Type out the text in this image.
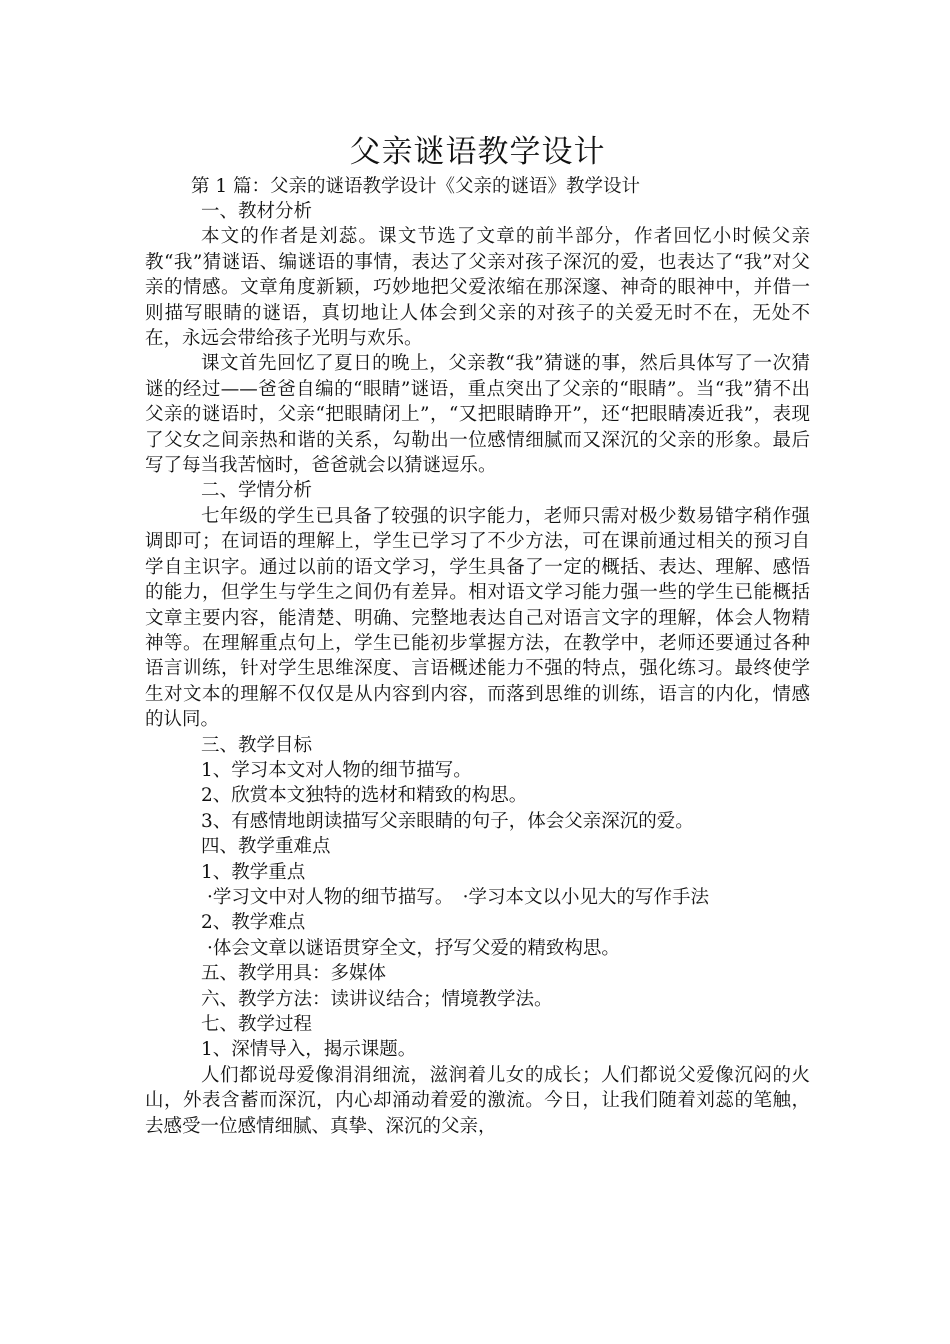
父亲谜语教学设计

第 1 篇：父亲的谜语教学设计《父亲的谜语》教学设计

一、教材分析

本文的作者是刘蕊。课文节选了文章的前半部分，作者回忆小时候父亲教“我”猜谜语、编谜语的事情，表达了父亲对孩子深沉的爱，也表达了“我”对父亲的情感。文章角度新颖，巧妙地把父爱浓缩在那深邃、神奇的眼神中，并借一则描写眼睛的谜语，真切地让人体会到父亲的对孩子的关爱无时不在，无处不在，永远会带给孩子光明与欢乐。

课文首先回忆了夏日的晚上，父亲教“我”猜谜的事，然后具体写了一次猜谜的经过——爸爸自编的“眼睛”谜语，重点突出了父亲的“眼睛”。当“我”猜不出父亲的谜语时，父亲“把眼睛闭上”，“又把眼睛睁开”，还“把眼睛凑近我”，表现了父女之间亲热和谐的关系，勾勒出一位感情细腻而又深沉的父亲的形象。最后写了每当我苦恼时，爸爸就会以猜谜逗乐。

二、学情分析

七年级的学生已具备了较强的识字能力，老师只需对极少数易错字稍作强调即可；在词语的理解上，学生已学习了不少方法，可在课前通过相关的预习自学自主识字。通过以前的语文学习，学生具备了一定的概括、表达、理解、感悟的能力，但学生与学生之间仍有差异。相对语文学习能力强一些的学生已能概括文章主要内容，能清楚、明确、完整地表达自己对语言文字的理解，体会人物精神等。在理解重点句上，学生已能初步掌握方法，在教学中，老师还要通过各种语言训练，针对学生思维深度、言语概述能力不强的特点，强化练习。最终使学生对文本的理解不仅仅是从内容到内容，而落到思维的训练，语言的内化，情感的认同。

三、教学目标

1、学习本文对人物的细节描写。

2、欣赏本文独特的选材和精致的构思。

3、有感情地朗读描写父亲眼睛的句子，体会父亲深沉的爱。

四、教学重难点

1、教学重点

·学习文中对人物的细节描写。　·学习本文以小见大的写作手法

2、教学难点

·体会文章以谜语贯穿全文，抒写父爱的精致构思。

五、教学用具：多媒体

六、教学方法：读讲议结合；情境教学法。

七、教学过程

1、深情导入，揭示课题。

人们都说母爱像涓涓细流，滋润着儿女的成长；人们都说父爱像沉闷的火山，外表含蓄而深沉，内心却涌动着爱的激流。今日，让我们随着刘蕊的笔触，去感受一位感情细腻、真挚、深沉的父亲，
